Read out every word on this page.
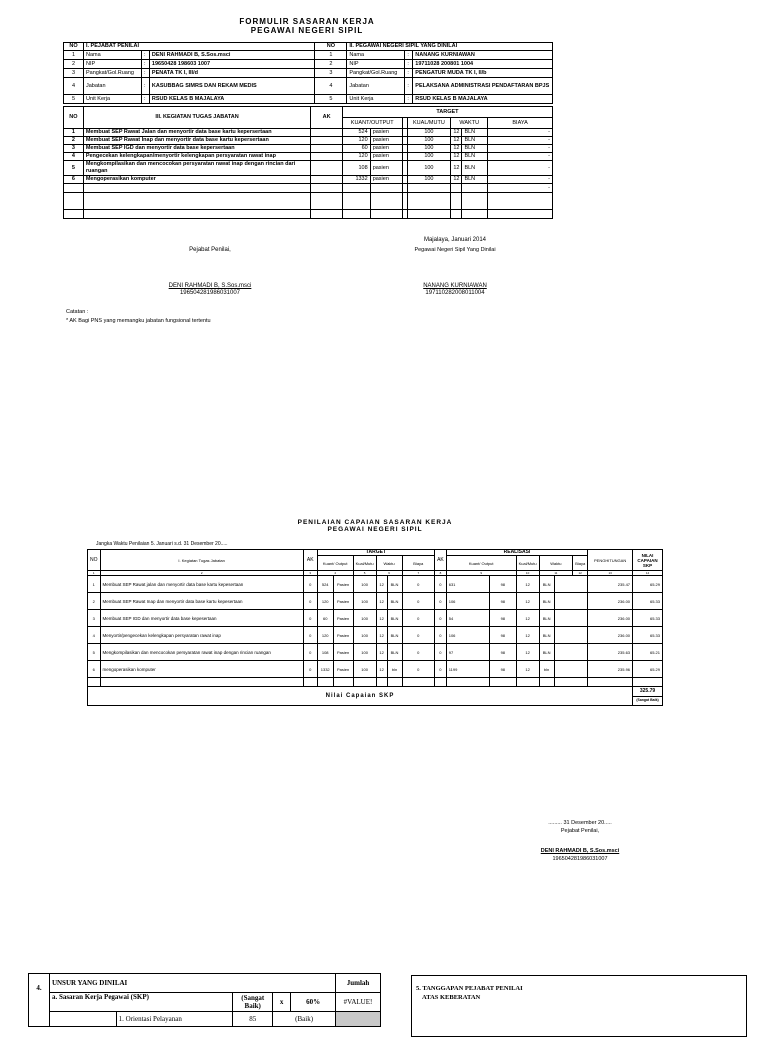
FORMULIR SASARAN KERJA
PEGAWAI NEGERI SIPIL
NO	I. PEJABAT PENILAI			NO	II. PEGAWAI NEGERI SIPIL YANG DINILAI		
1	Nama	:	DENI RAHMADI B, S.Sos.msci	1	Nama	:	NANANG KURNIAWAN
2	NIP	:	19650428 198603 1007	2	NIP	:	19711028 200801 1004
3	Pangkat/Gol.Ruang	:	PENATA TK I, III/d	3	Pangkat/Gol.Ruang	:	PENGATUR MUDA TK I, II/b
4	Jabatan	:	KASUBBAG SIMRS DAN REKAM MEDIS	4	Jabatan	:	PELAKSANA ADMINISTRASI PENDAFTARAN BPJS
5	Unit Kerja	:	RSUD KELAS B MAJALAYA	5	Unit Kerja	:	RSUD KELAS B MAJALAYA
NO	III. KEGIATAN TUGAS JABATAN	AK	TARGET						
			KUANT/OUTPUT			KUAL/MUTU	WAKTU		BIAYA
1	Membuat SEP Rawat Jalan dan menyortir data base kartu kepersertaan		524	pasien		100	12	BLN	-
2	Membuat SEP Rawat Inap dan menyortir data base kartu kepersertaan		120	pasien		100	12	BLN	-
3	Membuat SEP IGD dan menyortir data base kepersertaan		60	pasien		100	12	BLN	-
4	Pengecekan kelengkapan/menyortir kelengkapan persyaratan rawat inap		120	pasien		100	12	BLN	-
5	Mengkompilasikan dan mencocokan persyaratan rawat inap dengan rincian dari ruangan		108	pasien		100	12	BLN	-
6	Mengoperasikan komputer		1332	pasien		100	12	BLN	-
									-

Majalaya, Januari 2014
Pejabat Penilai,	Pegawai Negeri Sipil Yang Dinilai
DENI RAHMADI B, S.Sos.msci
196504281986031007
NANANG KURNIAWAN
197110282008011004
Catatan :
* AK Bagi PNS yang memangku jabatan fungsional tertentu
PENILAIAN CAPAIAN SASARAN KERJA
PEGAWAI NEGERI SIPIL
Jangka Waktu Penilaian 5. Januari s.d. 31 Desember 20.....
NO	I. Kegiatan Tugas Jabatan	AK	TARGET						AK	REALISASI						PENGHITUNGAN	NILAI CAPAIAN SKP
			Kuant/ Output		Kual/Mutu	Waktu		Biaya		Kuant/ Output		Kual/Mutu	Waktu		Biaya		
1	2	3	4		5	6		7	8	9		10	11		12	13	14
1	Membuat SEP Rawat jalan dan menyortir data base kartu kepesertaan	0	524	Pasien	100	12	BLN	0	0	631	98	12	BLN			235.47	65.29
2	Membuat SEP Rawat Inap dan menyortir data base kartu kepesertaan	0	120	Pasien	100	12	BLN	0	0	106	98	12	BLN			236.00	65.33
3	Membuat SEP IGD dan menyortir data base kepesertaan	0	60	Pasien	100	12	BLN	0	0	54	98	12	BLN			236.00	65.33
4	Menyortir/pengecekan kelengkapan persyaratan rawat inap	0	120	Pasien	100	12	BLN	0	0	106	98	12	BLN			236.00	65.33
5	Mengkompilasikan dan mencocokan persyaratan rawat inap dengan rincian ruangan	0	108	Pasien	100	12	BLN	0	0	97	98	12	BLN			235.63	65.21
6	mengoperasikan komputer	0	1332	Pasien	100	12	bln	0	0	1199	98	12	bln			235.96	65.29

Nilai Capaian SKP																	325.79
																	(Sangat Baik)
......... 31 Desember 20.....
Pejabat Penilai,
DENI RAHMADI B, S.Sos.msci
196504281986031007
4.	UNSUR YANG DINILAI					Jumlah
	a. Sasaran Kerja Pegawai (SKP)		(Sangat Baik)	x	60%	#VALUE!
		1. Orientasi Pelayanan	85	(Baik)		
5. TANGGAPAN PEJABAT PENILAI
ATAS KEBERATAN
